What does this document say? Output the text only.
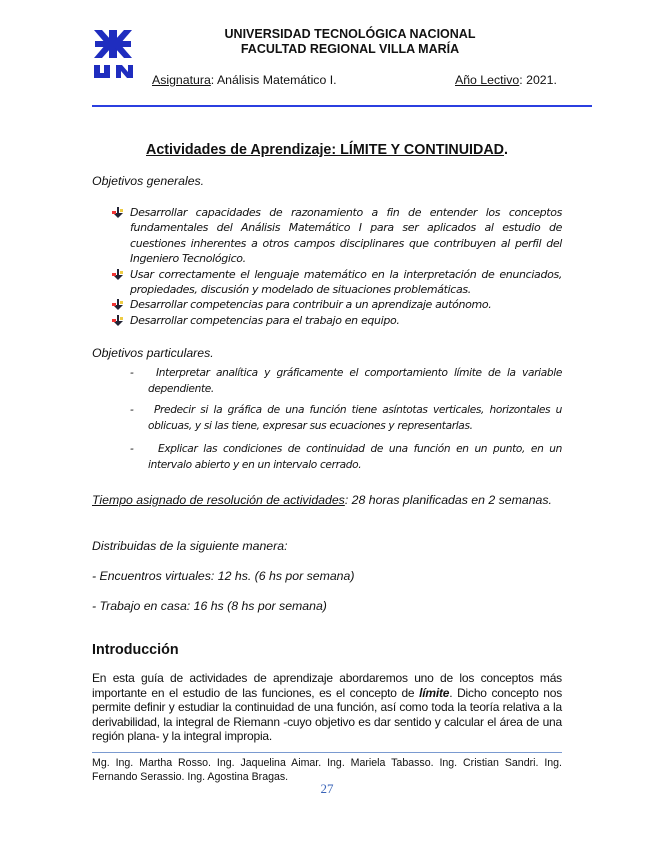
UNIVERSIDAD TECNOLÓGICA NACIONAL
FACULTAD REGIONAL VILLA MARÍA
Asignatura: Análisis Matemático I.	Año Lectivo: 2021.
Actividades de Aprendizaje: LÍMITE Y CONTINUIDAD.
Objetivos generales.
Desarrollar capacidades de razonamiento a fin de entender los conceptos fundamentales del Análisis Matemático I para ser aplicados al estudio de cuestiones inherentes a otros campos disciplinares que contribuyen al perfil del Ingeniero Tecnológico.
Usar correctamente el lenguaje matemático en la interpretación de enunciados, propiedades, discusión y modelado de situaciones problemáticas.
Desarrollar competencias para contribuir a un aprendizaje autónomo.
Desarrollar competencias para el trabajo en equipo.
Objetivos particulares.
- Interpretar analítica y gráficamente el comportamiento límite de la variable dependiente.
- Predecir si la gráfica de una función tiene asíntotas verticales, horizontales u oblicuas, y si las tiene, expresar sus ecuaciones y representarlas.
- Explicar las condiciones de continuidad de una función en un punto, en un intervalo abierto y en un intervalo cerrado.
Tiempo asignado de resolución de actividades: 28 horas planificadas en 2 semanas.
Distribuidas de la siguiente manera:
- Encuentros virtuales: 12 hs. (6 hs por semana)
- Trabajo en casa: 16 hs (8 hs por semana)
Introducción
En esta guía de actividades de aprendizaje abordaremos uno de los conceptos más importante en el estudio de las funciones, es el concepto de límite. Dicho concepto nos permite definir y estudiar la continuidad de una función, así como toda la teoría relativa a la derivabilidad, la integral de Riemann -cuyo objetivo es dar sentido y calcular el área de una región plana- y la integral impropia.
Mg. Ing. Martha Rosso. Ing. Jaquelina Aimar. Ing. Mariela Tabasso. Ing. Cristian Sandri. Ing. Fernando Serassio. Ing. Agostina Bragas.
27
